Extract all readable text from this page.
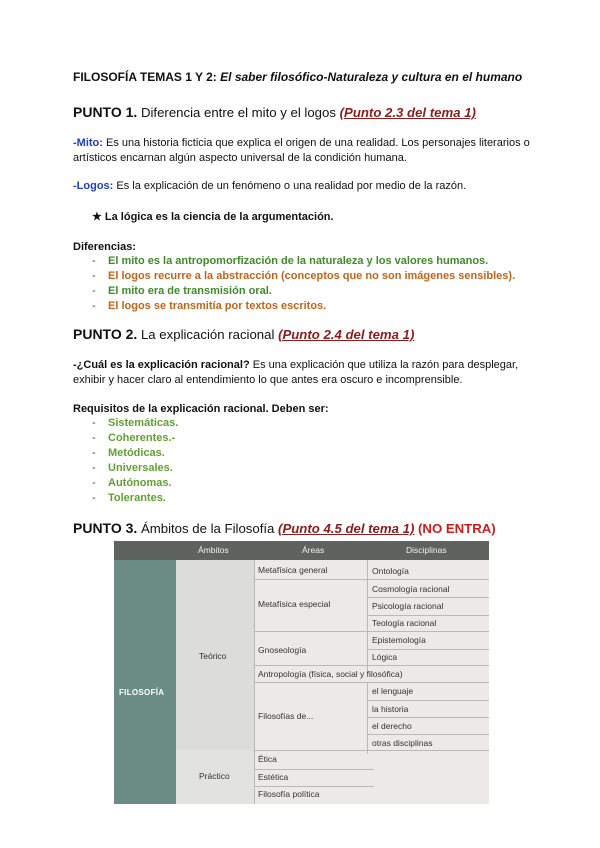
FILOSOFÍA TEMAS 1 Y 2: El saber filosófico-Naturaleza y cultura en el humano
PUNTO 1. Diferencia entre el mito y el logos (Punto 2.3 del tema 1)
-Mito: Es una historia ficticia que explica el origen de una realidad. Los personajes literarios o artísticos encarnan algún aspecto universal de la condición humana.
-Logos: Es la explicación de un fenómeno o una realidad por medio de la razón.
★ La lógica es la ciencia de la argumentación.
Diferencias:
- El mito es la antropomorfización de la naturaleza y los valores humanos.
- El logos recurre a la abstracción (conceptos que no son imágenes sensibles).
- El mito era de transmisión oral.
- El logos se transmitía por textos escritos.
PUNTO 2. La explicación racional (Punto 2.4 del tema 1)
-¿Cuál es la explicación racional? Es una explicación que utiliza la razón para desplegar, exhibir y hacer claro al entendimiento lo que antes era oscuro e incomprensible.
Requisitos de la explicación racional. Deben ser:
- Sistemáticas.
- Coherentes.-
- Metódicas.
- Universales.
- Autónomas.
- Tolerantes.
PUNTO 3. Ámbitos de la Filosofía (Punto 4.5 del tema 1) (NO ENTRA)
Ámbitos	Áreas	Disciplinas
FILOSOFÍA
Teórico
Práctico
Metafísica general
Metafísica especial
Gnoseología
Antropología (física, social y filosófica)
Filosofías de...
Ética
Estética
Filosofía política
Ontología
Cosmología racional
Psicología racional
Teología racional
Epistemología
Lógica
el lenguaje
la historia
el derecho
otras disciplinas
